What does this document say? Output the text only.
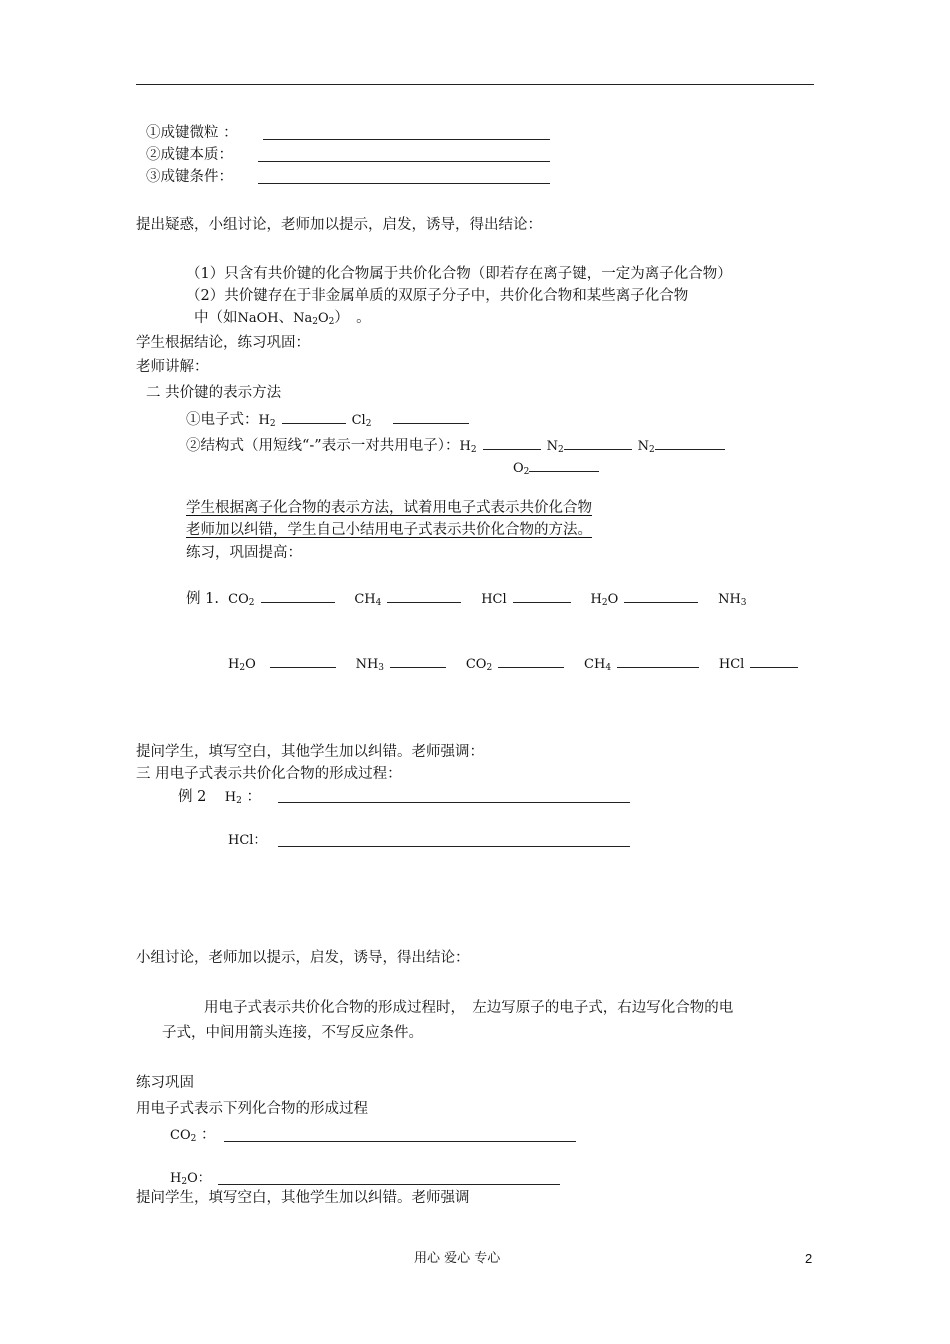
①成键微粒 ：
②成键本质：
③成键条件：
提出疑惑，小组讨论，老师加以提示，启发，诱导，得出结论：
（1）只含有共价键的化合物属于共价化合物（即若存在离子键，一定为离子化合物）
（2）共价键存在于非金属单质的双原子分子中，共价化合物和某些离子化合物
中（如NaOH、$Na_2O_2$）　。
学生根据结论，练习巩固：
老师讲解：
二 共价键的表示方法
①电子式：$H_2$	$Cl_2$
②结构式（用短线“-”表示一对共用电子）：$H_2$	$N_2$	$N_2$
$O_2$
学生根据离子化合物的表示方法，试着用电子式表示共价化合物
老师加以纠错，学生自己小结用电子式表示共价化合物的方法。
练习，巩固提高：
例 1. $CO_2$	$CH_4$	HCl	$H_2O$	$NH_3$
$H_2O$	$NH_3$	$CO_2$	$CH_4$	HCl
提问学生，填写空白，其他学生加以纠错。老师强调：
三 用电子式表示共价化合物的形成过程：
例 2 $H_2$ ：
HCl：
小组讨论，老师加以提示，启发，诱导，得出结论：
用电子式表示共价化合物的形成过程时，　左边写原子的电子式，右边写化合物的电
子式，中间用箭头连接，不写反应条件。
练习巩固
用电子式表示下列化合物的形成过程
$CO_2$ ：
$H_2O$：
提问学生，填写空白，其他学生加以纠错。老师强调
用心 爱心 专心	2
